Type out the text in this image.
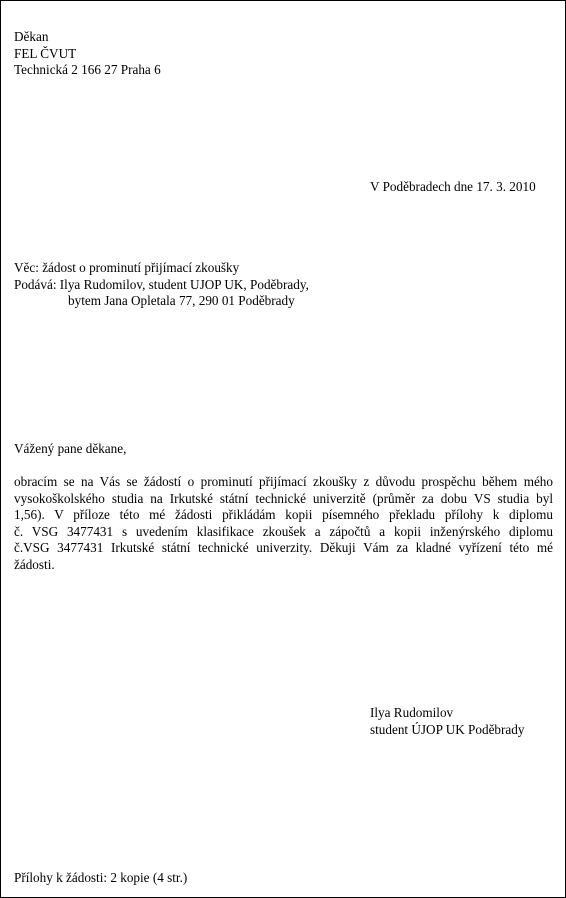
Děkan
FEL ČVUT
Technická 2 166 27 Praha 6
V Poděbradech dne 17. 3. 2010
Věc: žádost o prominutí přijímací zkoušky
Podává: Ilya Rudomilov, student UJOP UK, Poděbrady,
bytem Jana Opletala 77, 290 01 Poděbrady
Vážený pane děkane,
obracím se na Vás se žádostí o prominutí přijímací zkoušky z důvodu prospěchu během mého
vysokoškolského studia na Irkutské státní technické univerzitě (průměr za dobu VS studia byl
1,56). V příloze této mé žádosti přikládám kopii písemného překladu přílohy k diplomu
č. VSG 3477431 s uvedením klasifikace zkoušek a zápočtů a kopii inženýrského diplomu
č.VSG 3477431 Irkutské státní technické univerzity. Děkuji Vám za kladné vyřízení této mé
žádosti.
Ilya Rudomilov
student ÚJOP UK Poděbrady
Přílohy k žádosti: 2 kopie (4 str.)
